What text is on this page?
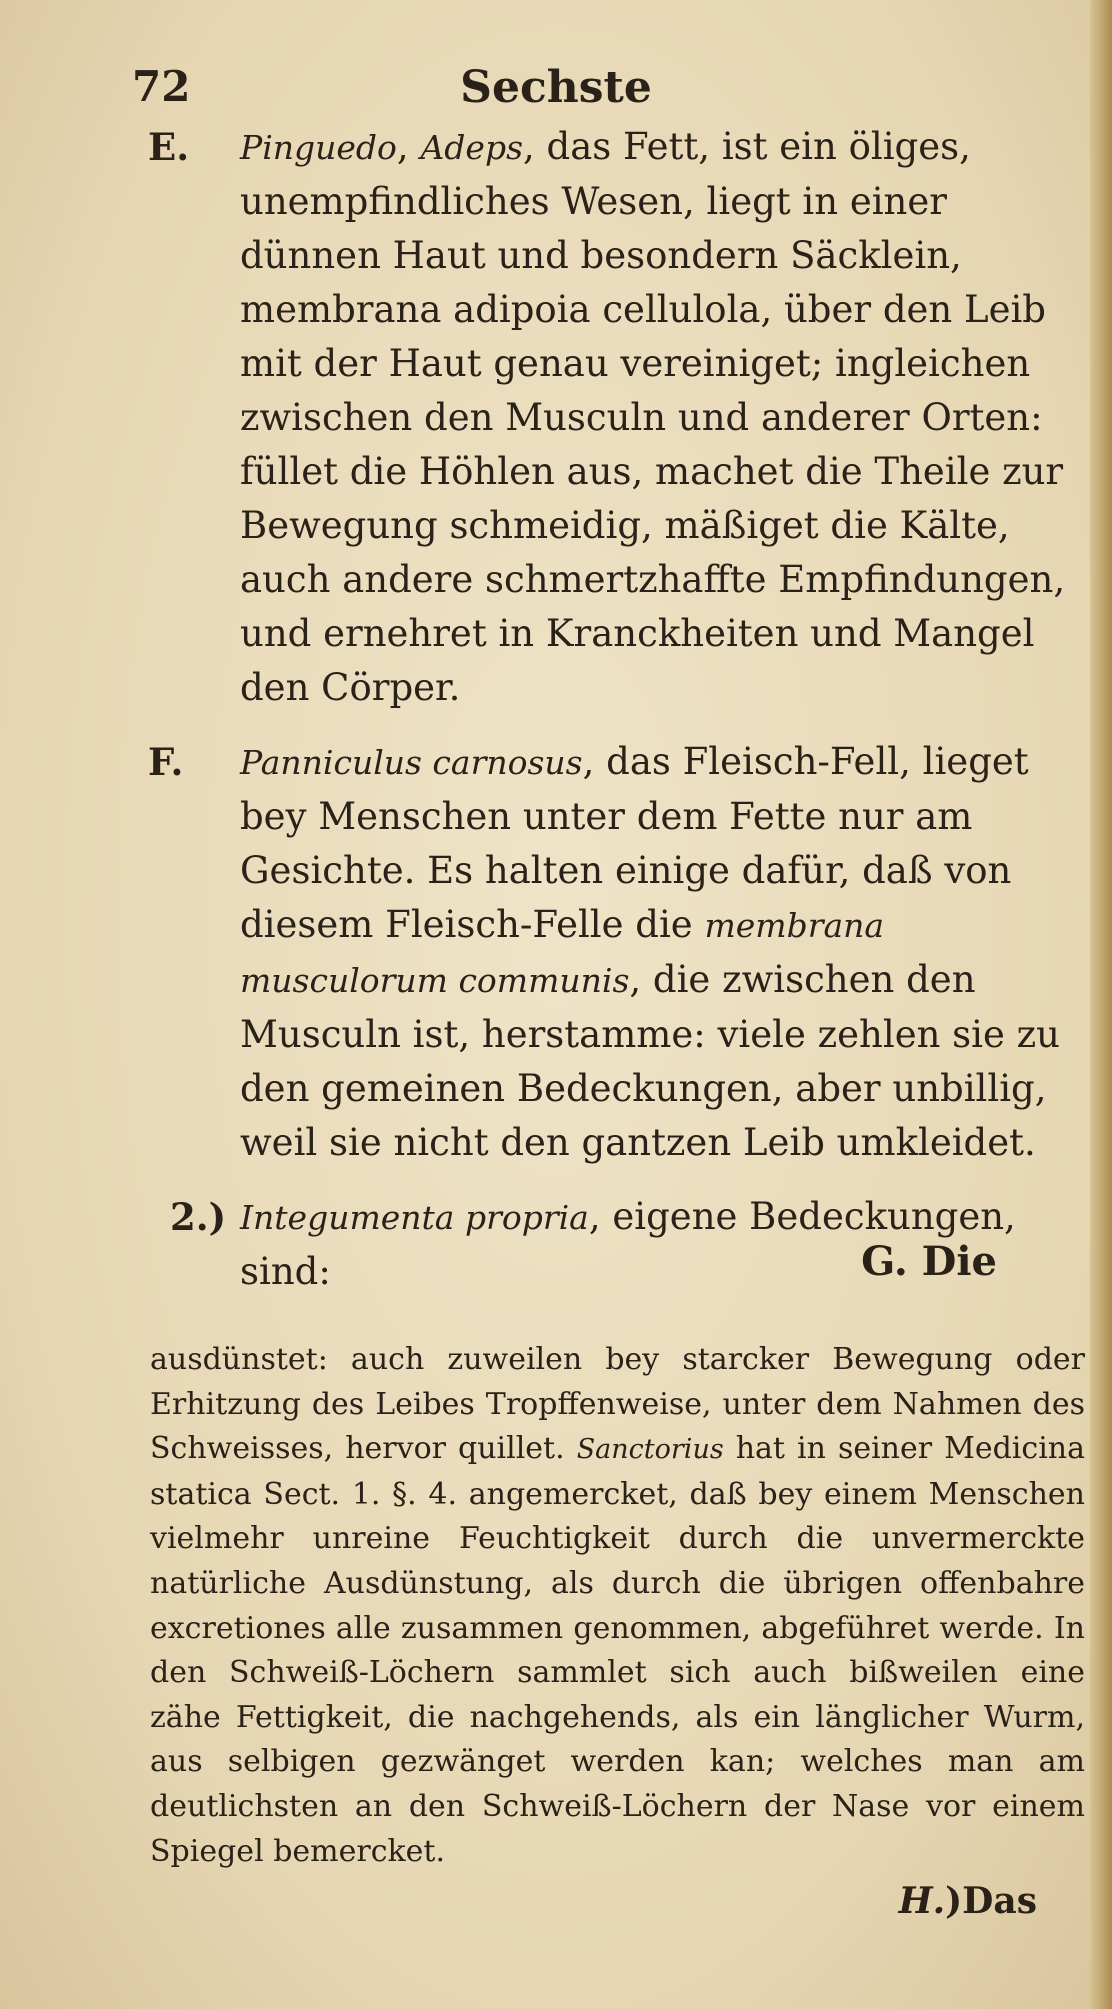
72	Sechste
E. Pinguedo, Adeps, das Fett, ist ein öliges, unempfindliches Wesen, liegt in einer dünnen Haut und besondern Säcklein, membrana adipoia cellulola, über den Leib mit der Haut genau vereiniget; ingleichen zwischen den Musculn und anderer Orten: füllet die Höhlen aus, machet die Theile zur Bewegung schmeidig, mäßiget die Kälte, auch andere schmertzhaffte Empfindungen, und ernehret in Kranckheiten und Mangel den Cörper.
F. Panniculus carnosus, das Fleisch-Fell, lieget bey Menschen unter dem Fette nur am Gesichte. Es halten einige dafür, daß von diesem Fleisch-Felle die membrana musculorum communis, die zwischen den Musculn ist, herstamme: viele zehlen sie zu den gemeinen Bedeckungen, aber unbillig, weil sie nicht den gantzen Leib umkleidet.
2.) Integumenta propria, eigene Bedeckungen, sind:	G. Die
ausdünstet: auch zuweilen bey starcker Bewegung oder Erhitzung des Leibes Tropffenweise, unter dem Nahmen des Schweisses, hervor quillet. Sanctorius hat in seiner Medicina statica Sect. 1. §. 4. angemercket, daß bey einem Menschen vielmehr unreine Feuchtigkeit durch die unvermerckte natürliche Ausdünstung, als durch die übrigen offenbahre excretiones alle zusammen genommen, abgeführet werde. In den Schweiß-Löchern sammlet sich auch bißweilen eine zähe Fettigkeit, die nachgehends, als ein länglicher Wurm, aus selbigen gezwänget werden kan; welches man am deutlichsten an den Schweiß-Löchern der Nase vor einem Spiegel bemercket.
H.)Das
